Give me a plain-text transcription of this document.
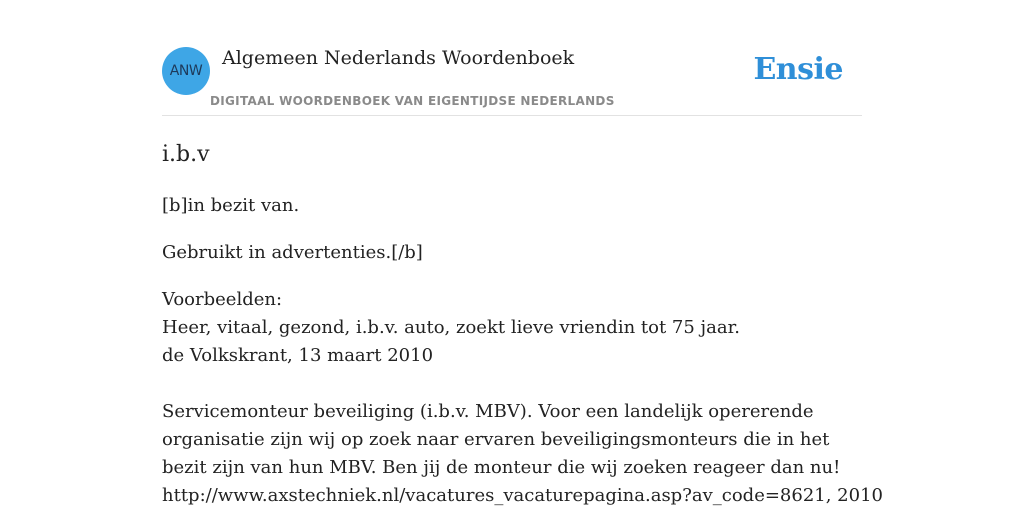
ANW
Algemeen Nederlands Woordenboek
DIGITAAL WOORDENBOEK VAN EIGENTIJDSE NEDERLANDS
Ensie
i.b.v
[b]in bezit van.
Gebruikt in advertenties.[/b]
Voorbeelden:
Heer, vitaal, gezond, i.b.v. auto, zoekt lieve vriendin tot 75 jaar.
de Volkskrant, 13 maart 2010
Servicemonteur beveiliging (i.b.v. MBV). Voor een landelijk opererende organisatie zijn wij op zoek naar ervaren beveiligingsmonteurs die in het bezit zijn van hun MBV. Ben jij de monteur die wij zoeken reageer dan nu!
http://www.axstechniek.nl/vacatures_vacaturepagina.asp?av_code=8621, 2010
